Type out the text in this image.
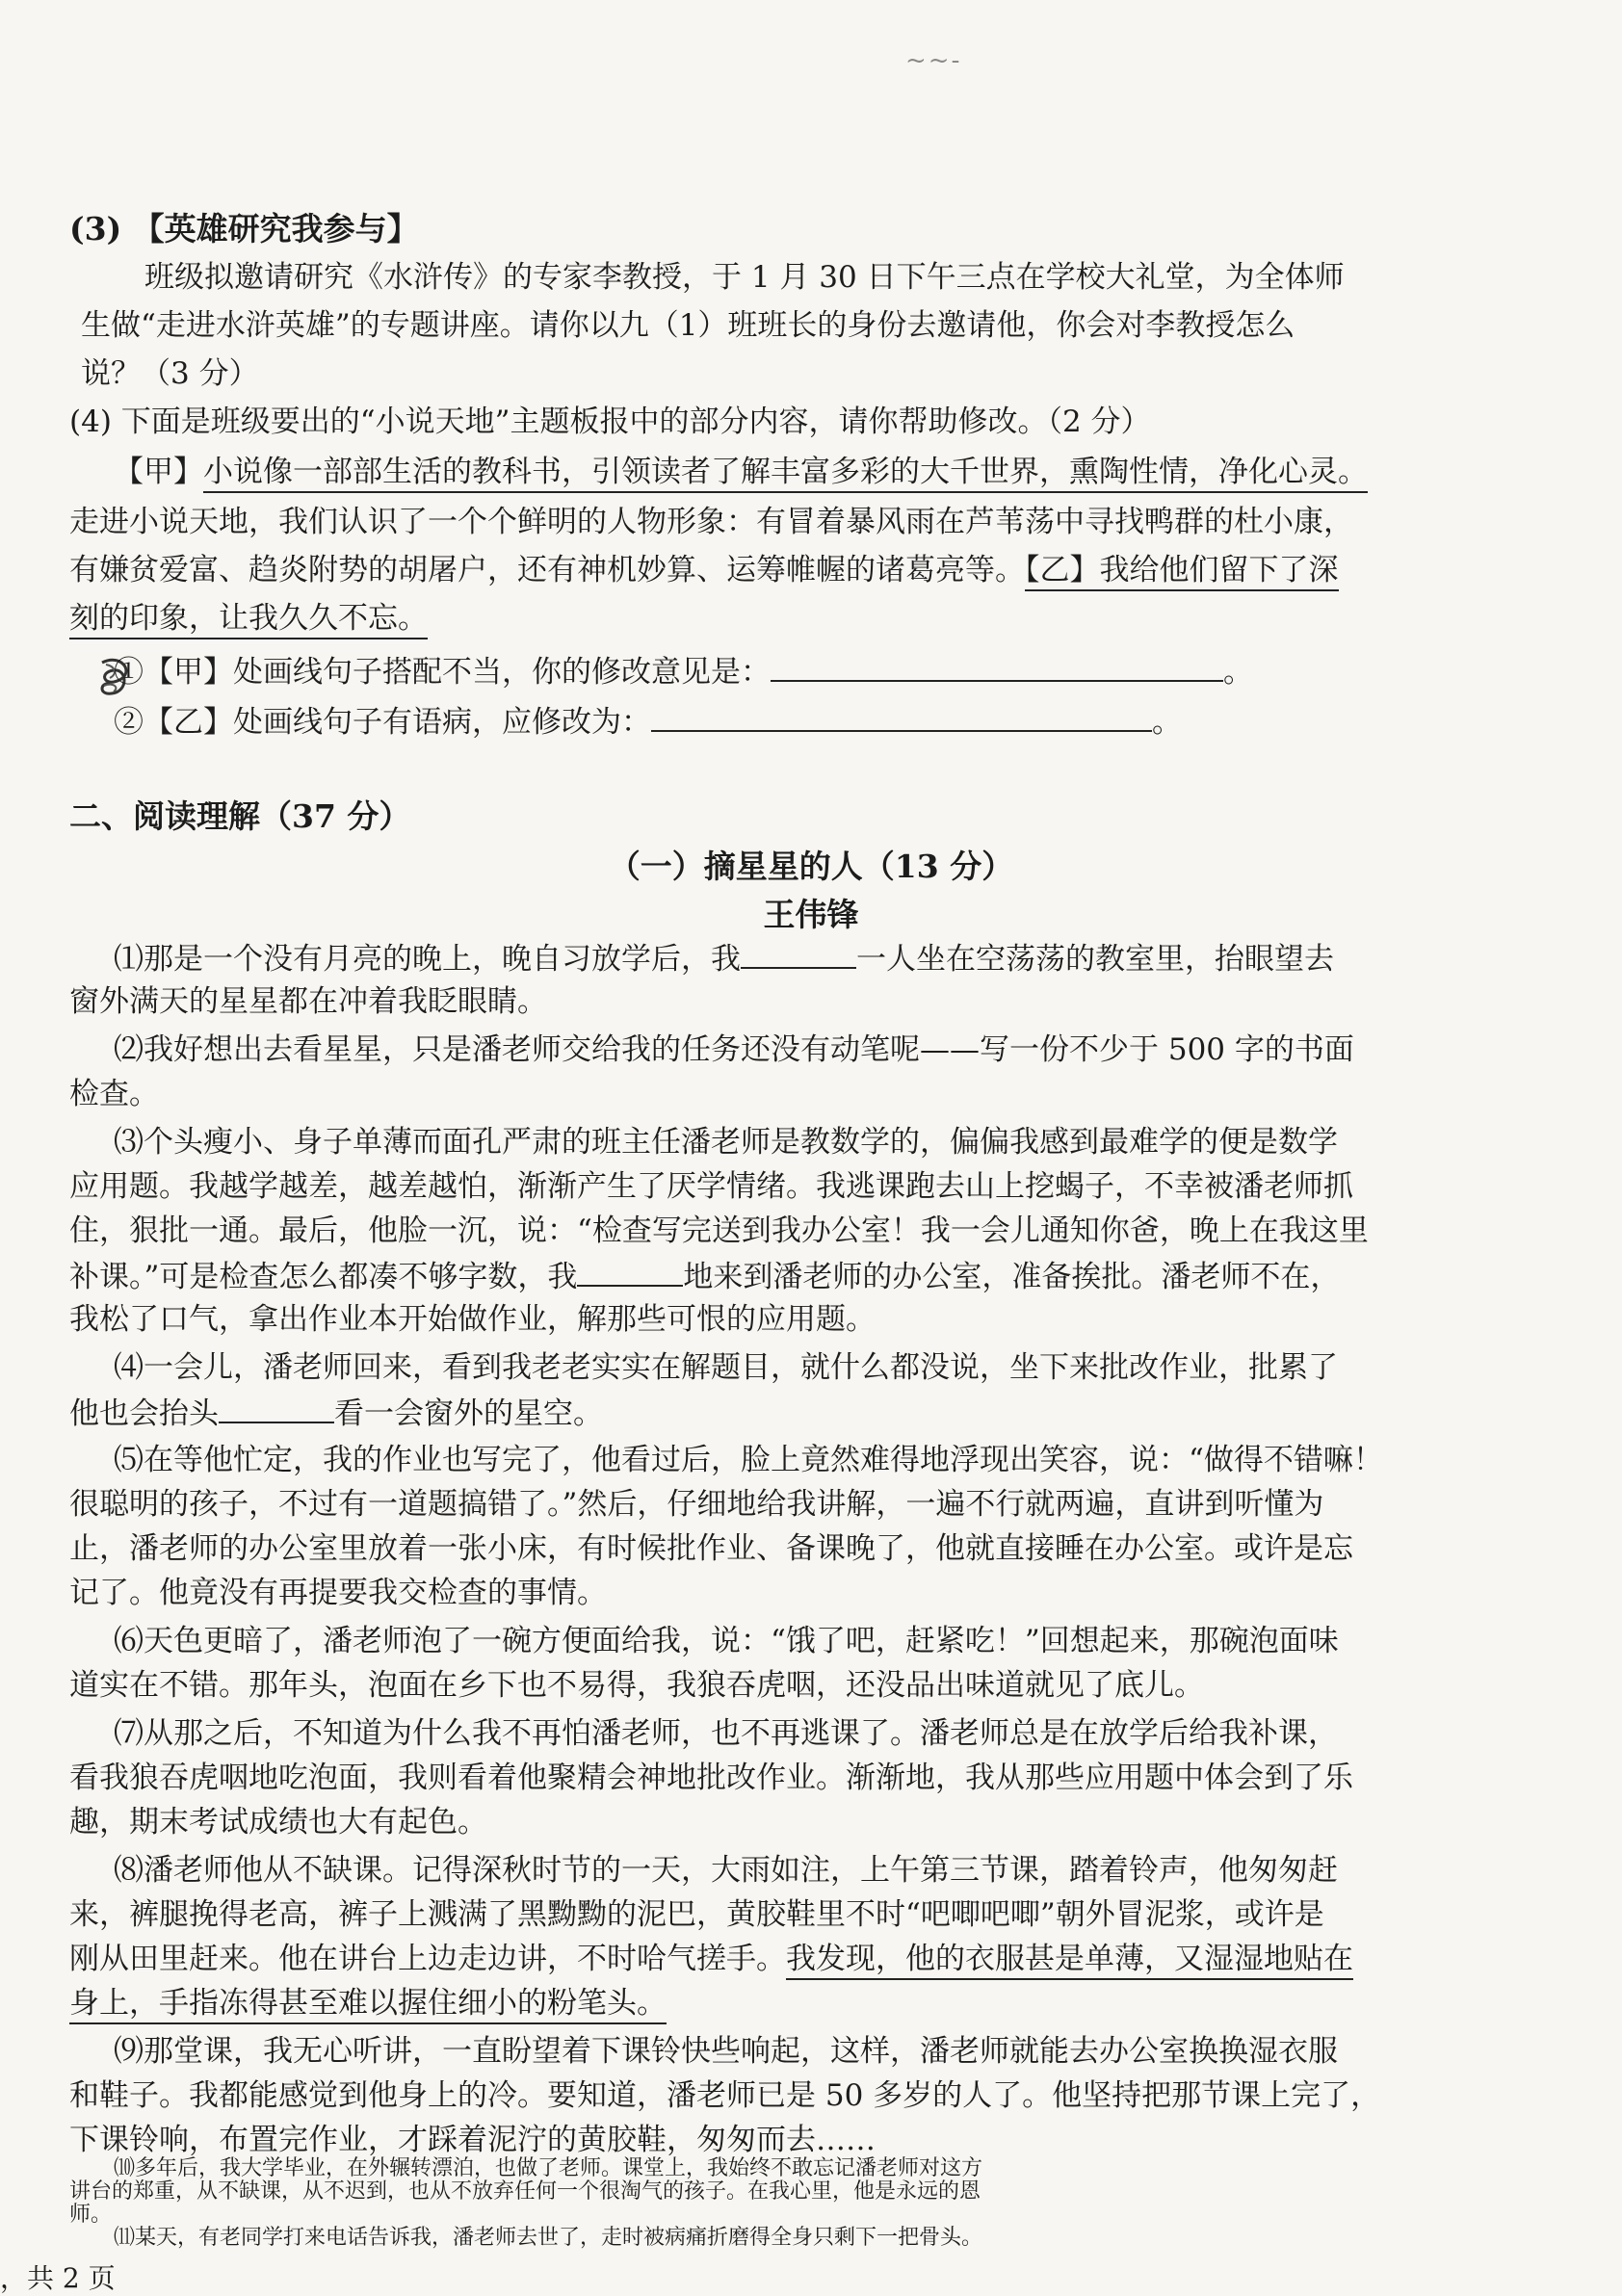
~~-
(3) 【英雄研究我参与】
班级拟邀请研究《水浒传》的专家李教授，于 1 月 30 日下午三点在学校大礼堂，为全体师
生做“走进水浒英雄”的专题讲座。请你以九（1）班班长的身份去邀请他，你会对李教授怎么
说？（3 分）
(4) 下面是班级要出的“小说天地”主题板报中的部分内容，请你帮助修改。（2 分）
【甲】小说像一部部生活的教科书，引领读者了解丰富多彩的大千世界，熏陶性情，净化心灵。
走进小说天地，我们认识了一个个鲜明的人物形象：有冒着暴风雨在芦苇荡中寻找鸭群的杜小康，
有嫌贫爱富、趋炎附势的胡屠户，还有神机妙算、运筹帷幄的诸葛亮等。【乙】我给他们留下了深
刻的印象，让我久久不忘。
①【甲】处画线句子搭配不当，你的修改意见是：	。
②【乙】处画线句子有语病，应修改为：	。
二、阅读理解（37 分）
（一）摘星星的人（13 分）
王伟锋
⑴那是一个没有月亮的晚上，晚自习放学后，我	一人坐在空荡荡的教室里，抬眼望去
窗外满天的星星都在冲着我眨眼睛。
⑵我好想出去看星星，只是潘老师交给我的任务还没有动笔呢——写一份不少于 500 字的书面
检查。
⑶个头瘦小、身子单薄而面孔严肃的班主任潘老师是教数学的，偏偏我感到最难学的便是数学
应用题。我越学越差，越差越怕，渐渐产生了厌学情绪。我逃课跑去山上挖蝎子，不幸被潘老师抓
住，狠批一通。最后，他脸一沉，说：“检查写完送到我办公室！我一会儿通知你爸，晚上在我这里
补课。”可是检查怎么都凑不够字数，我	地来到潘老师的办公室，准备挨批。潘老师不在，
我松了口气，拿出作业本开始做作业，解那些可恨的应用题。
⑷一会儿，潘老师回来，看到我老老实实在解题目，就什么都没说，坐下来批改作业，批累了
他也会抬头	看一会窗外的星空。
⑸在等他忙定，我的作业也写完了，他看过后，脸上竟然难得地浮现出笑容，说：“做得不错嘛！
很聪明的孩子，不过有一道题搞错了。”然后，仔细地给我讲解，一遍不行就两遍，直讲到听懂为
止，潘老师的办公室里放着一张小床，有时候批作业、备课晚了，他就直接睡在办公室。或许是忘
记了。他竟没有再提要我交检查的事情。
⑹天色更暗了，潘老师泡了一碗方便面给我，说：“饿了吧，赶紧吃！”回想起来，那碗泡面味
道实在不错。那年头，泡面在乡下也不易得，我狼吞虎咽，还没品出味道就见了底儿。
⑺从那之后，不知道为什么我不再怕潘老师，也不再逃课了。潘老师总是在放学后给我补课，
看我狼吞虎咽地吃泡面，我则看着他聚精会神地批改作业。渐渐地，我从那些应用题中体会到了乐
趣，期末考试成绩也大有起色。
⑻潘老师他从不缺课。记得深秋时节的一天，大雨如注，上午第三节课，踏着铃声，他匆匆赶
来，裤腿挽得老高，裤子上溅满了黑黝黝的泥巴，黄胶鞋里不时“吧唧吧唧”朝外冒泥浆，或许是
刚从田里赶来。他在讲台上边走边讲，不时哈气搓手。我发现，他的衣服甚是单薄，又湿湿地贴在
身上，手指冻得甚至难以握住细小的粉笔头。
⑼那堂课，我无心听讲，一直盼望着下课铃快些响起，这样，潘老师就能去办公室换换湿衣服
和鞋子。我都能感觉到他身上的冷。要知道，潘老师已是 50 多岁的人了。他坚持把那节课上完了，
下课铃响，布置完作业，才踩着泥泞的黄胶鞋，匆匆而去……
⑽多年后，我大学毕业，在外辗转漂泊，也做了老师。课堂上，我始终不敢忘记潘老师对这方
讲台的郑重，从不缺课，从不迟到，也从不放弃任何一个很淘气的孩子。在我心里，他是永远的恩
师。
⑾某天，有老同学打来电话告诉我，潘老师去世了，走时被病痛折磨得全身只剩下一把骨头。
，共 2 页
